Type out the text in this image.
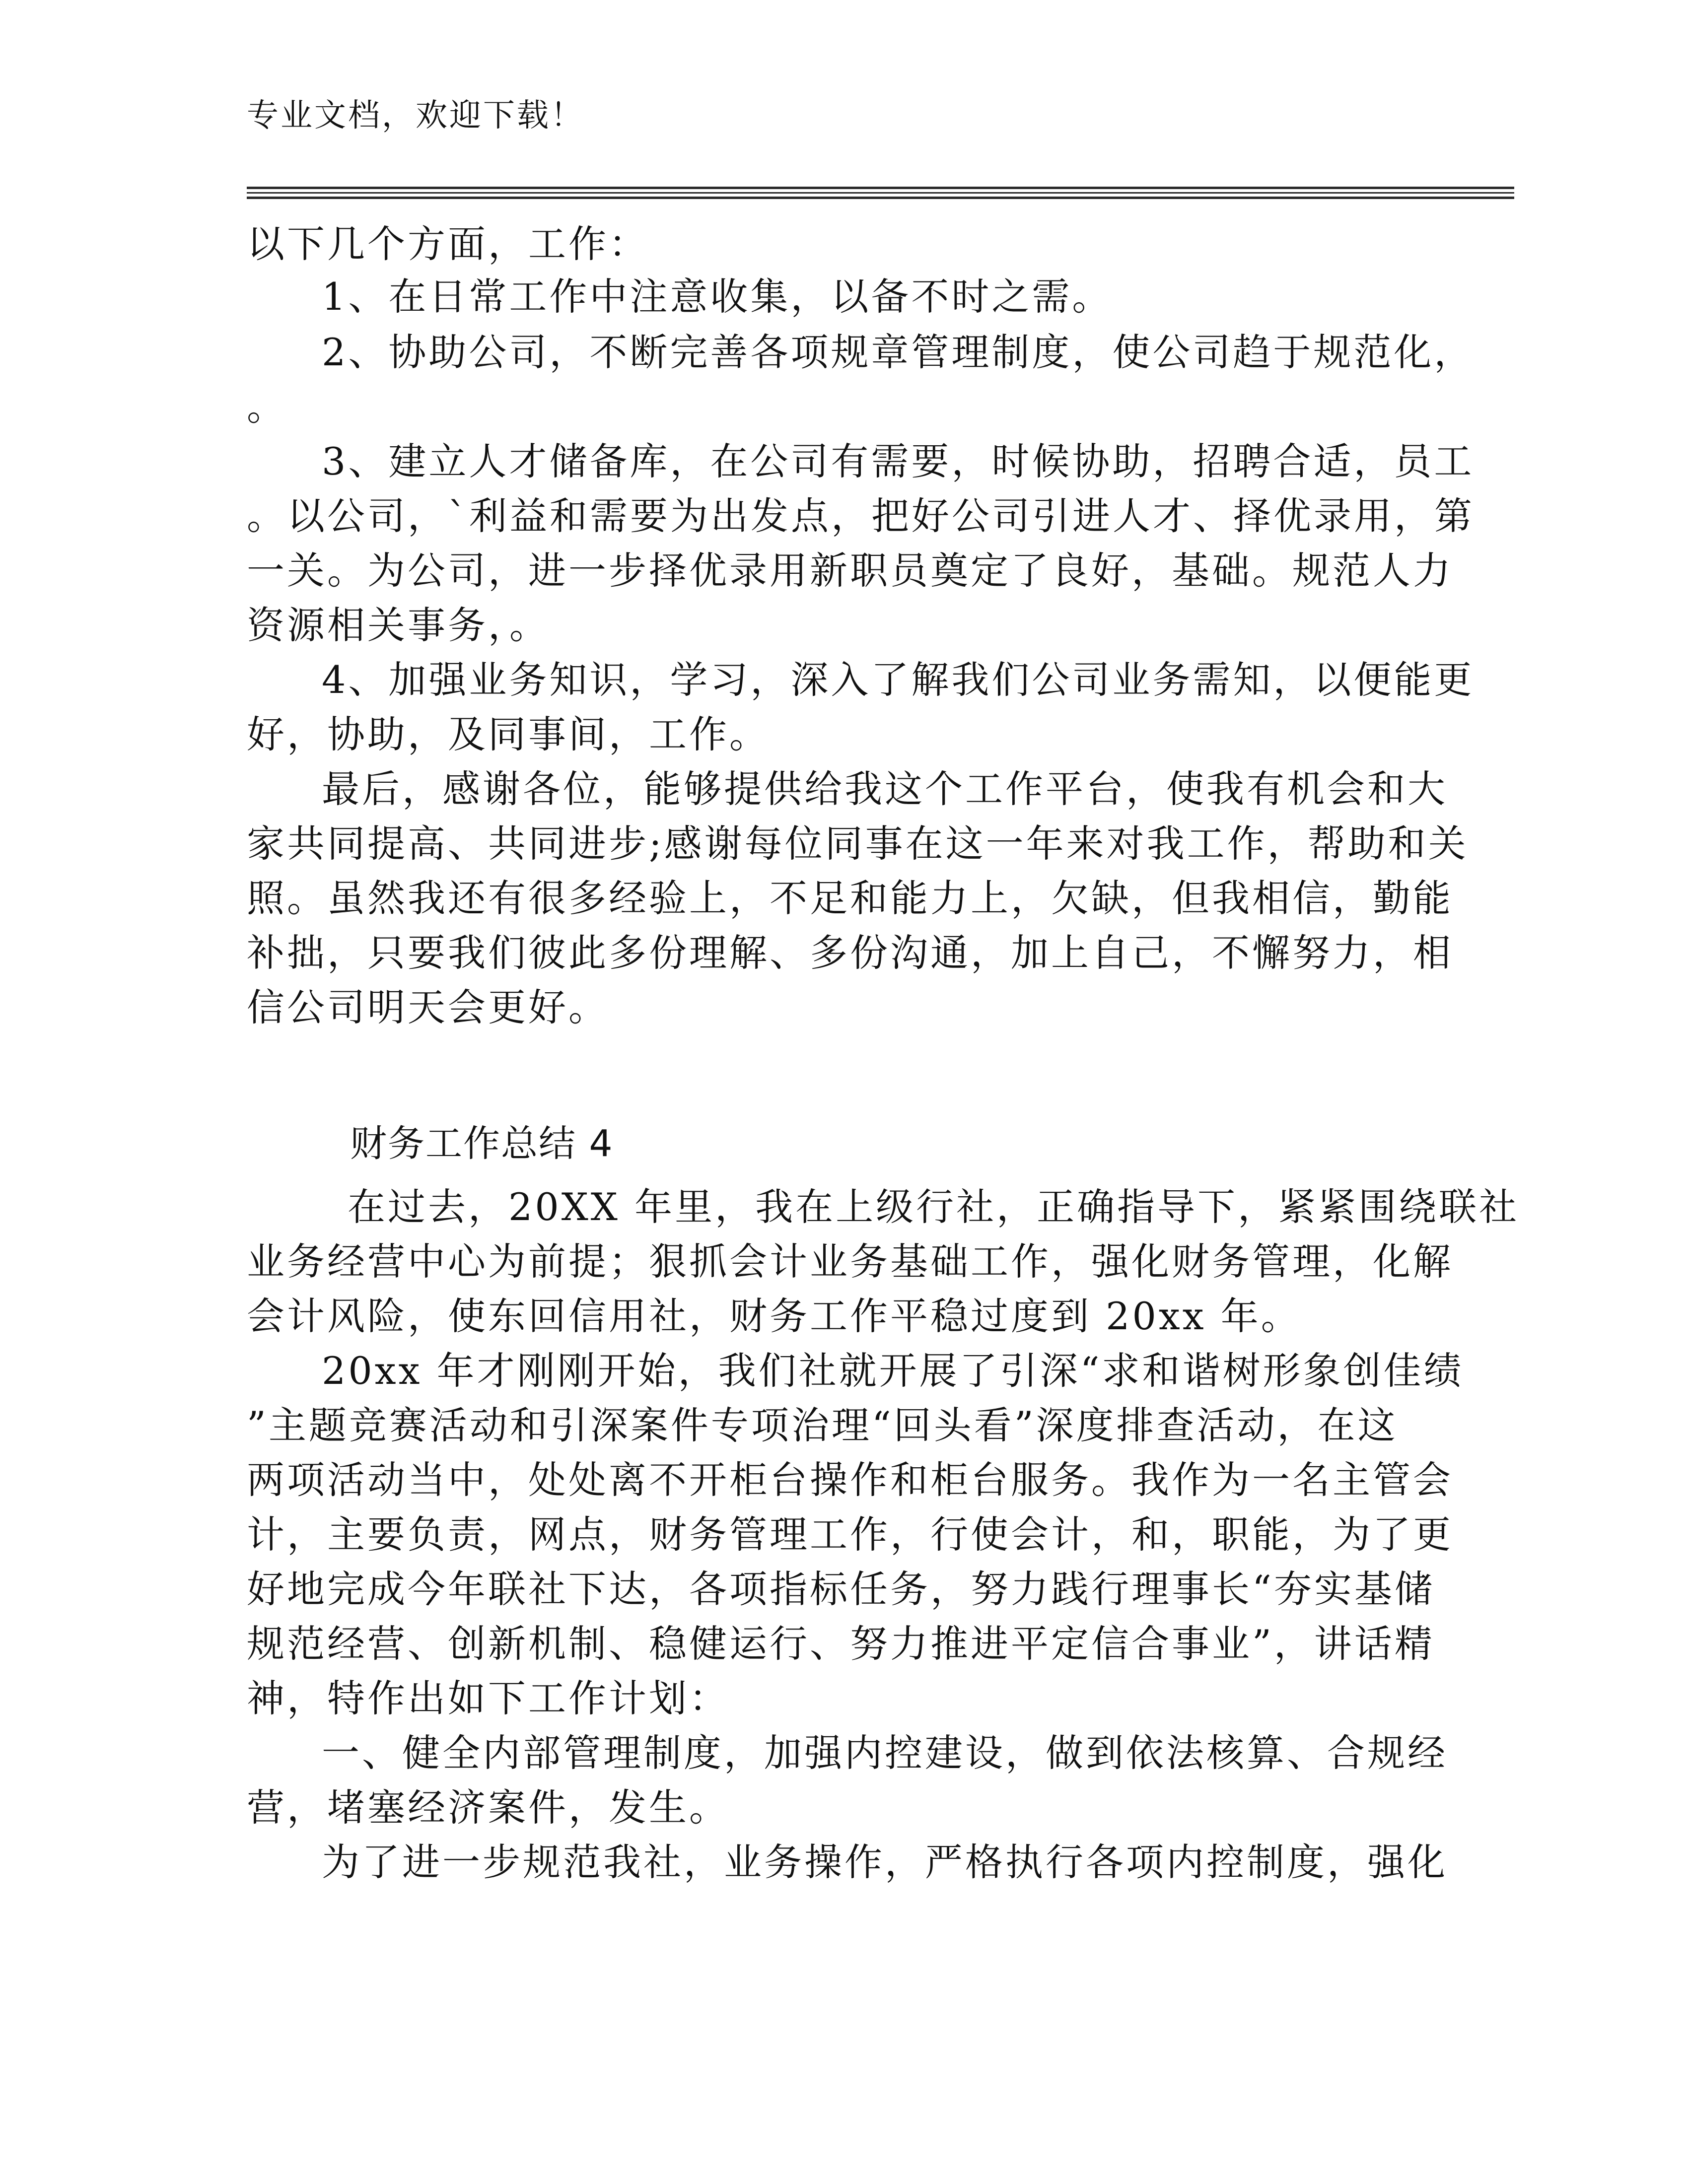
专业文档，欢迎下载！
以下几个方面，工作：
1、在日常工作中注意收集，以备不时之需。
2、协助公司，不断完善各项规章管理制度，使公司趋于规范化，
。
3、建立人才储备库，在公司有需要，时候协助，招聘合适，员工
。以公司，`利益和需要为出发点，把好公司引进人才、择优录用，第
一关。为公司，进一步择优录用新职员奠定了良好，基础。规范人力
资源相关事务，。
4、加强业务知识，学习，深入了解我们公司业务需知，以便能更
好，协助，及同事间，工作。
最后，感谢各位，能够提供给我这个工作平台，使我有机会和大
家共同提高、共同进步;感谢每位同事在这一年来对我工作，帮助和关
照。虽然我还有很多经验上，不足和能力上，欠缺，但我相信，勤能
补拙，只要我们彼此多份理解、多份沟通，加上自己，不懈努力，相
信公司明天会更好。
财务工作总结 4
在过去，20XX 年里，我在上级行社，正确指导下，紧紧围绕联社
业务经营中心为前提；狠抓会计业务基础工作，强化财务管理，化解
会计风险，使东回信用社，财务工作平稳过度到 20xx 年。
20xx 年才刚刚开始，我们社就开展了引深“求和谐树形象创佳绩
”主题竞赛活动和引深案件专项治理“回头看”深度排查活动，在这
两项活动当中，处处离不开柜台操作和柜台服务。我作为一名主管会
计，主要负责，网点，财务管理工作，行使会计，和，职能，为了更
好地完成今年联社下达，各项指标任务，努力践行理事长“夯实基储
规范经营、创新机制、稳健运行、努力推进平定信合事业”，讲话精
神，特作出如下工作计划：
一、健全内部管理制度，加强内控建设，做到依法核算、合规经
营，堵塞经济案件，发生。
为了进一步规范我社，业务操作，严格执行各项内控制度，强化
